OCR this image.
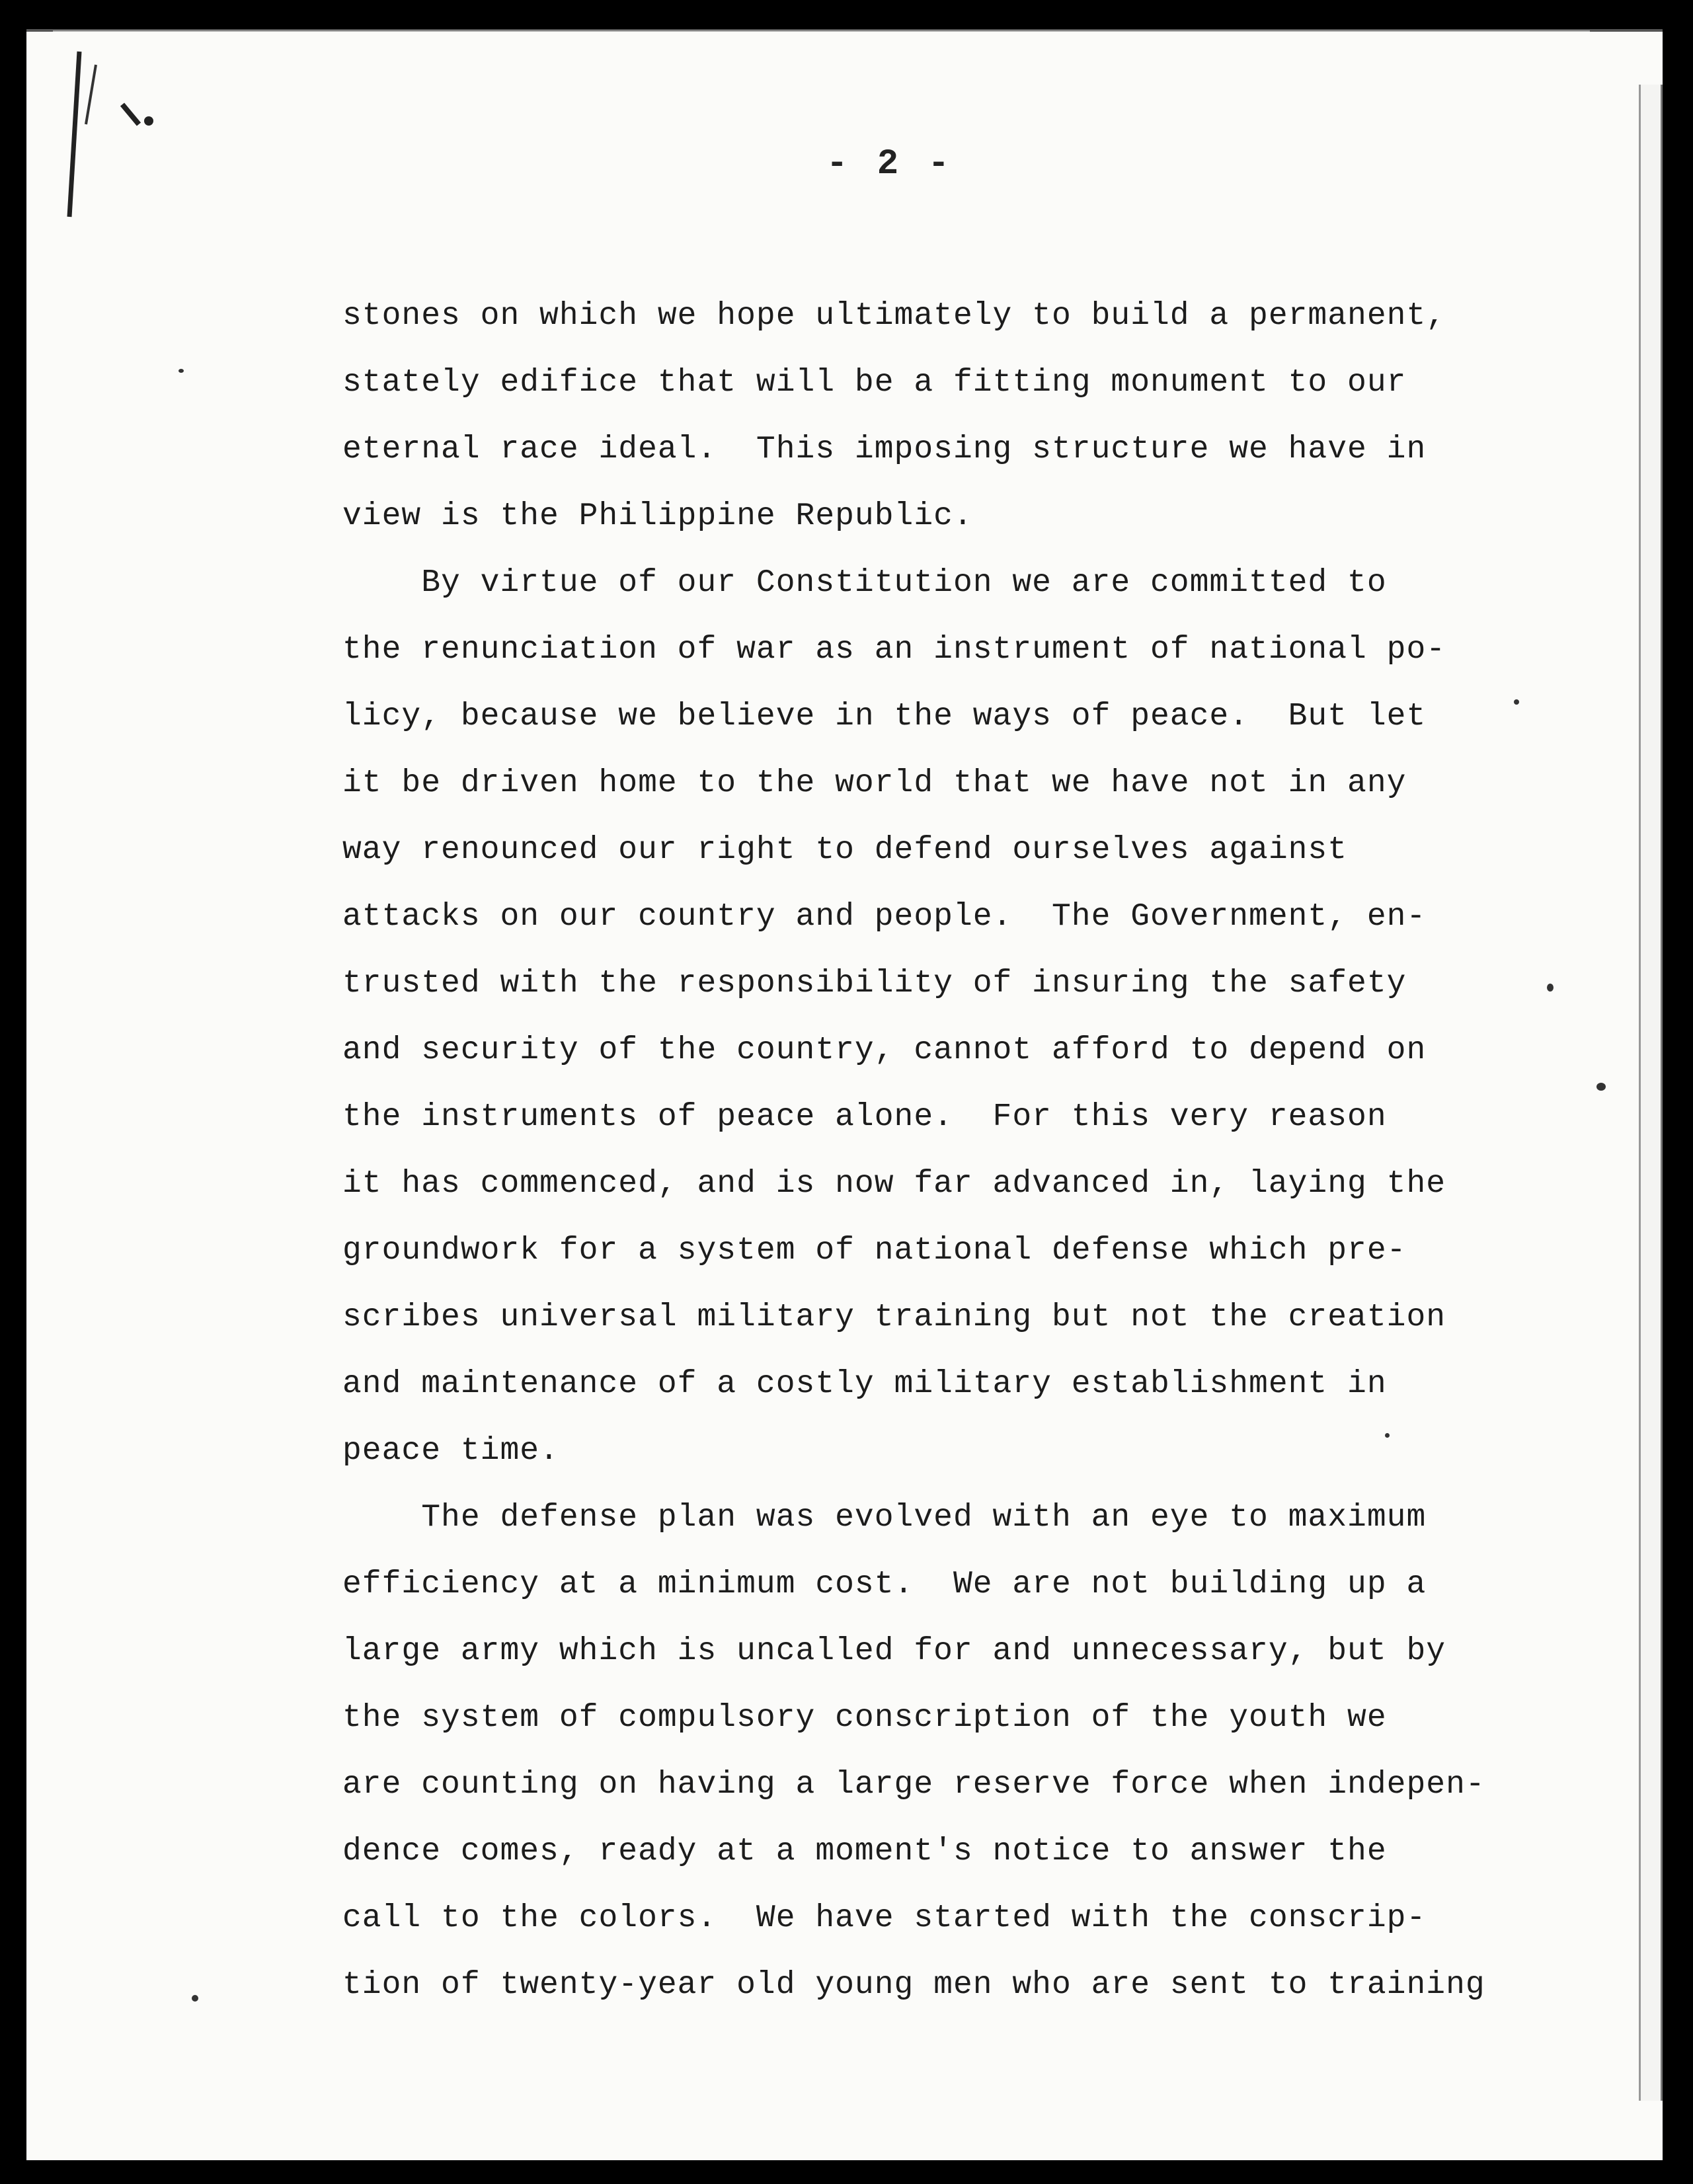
- 2 -

stones on which we hope ultimately to build a permanent,

stately edifice that will be a fitting monument to our

eternal race ideal.  This imposing structure we have in

view is the Philippine Republic.

By virtue of our Constitution we are committed to

the renunciation of war as an instrument of national po-

licy, because we believe in the ways of peace.  But let

it be driven home to the world that we have not in any

way renounced our right to defend ourselves against

attacks on our country and people.  The Government, en-

trusted with the responsibility of insuring the safety

and security of the country, cannot afford to depend on

the instruments of peace alone.  For this very reason

it has commenced, and is now far advanced in, laying the

groundwork for a system of national defense which pre-

scribes universal military training but not the creation

and maintenance of a costly military establishment in

peace time.

The defense plan was evolved with an eye to maximum

efficiency at a minimum cost.  We are not building up a

large army which is uncalled for and unnecessary, but by

the system of compulsory conscription of the youth we

are counting on having a large reserve force when indepen-

dence comes, ready at a moment's notice to answer the

call to the colors.  We have started with the conscrip-

tion of twenty-year old young men who are sent to training
